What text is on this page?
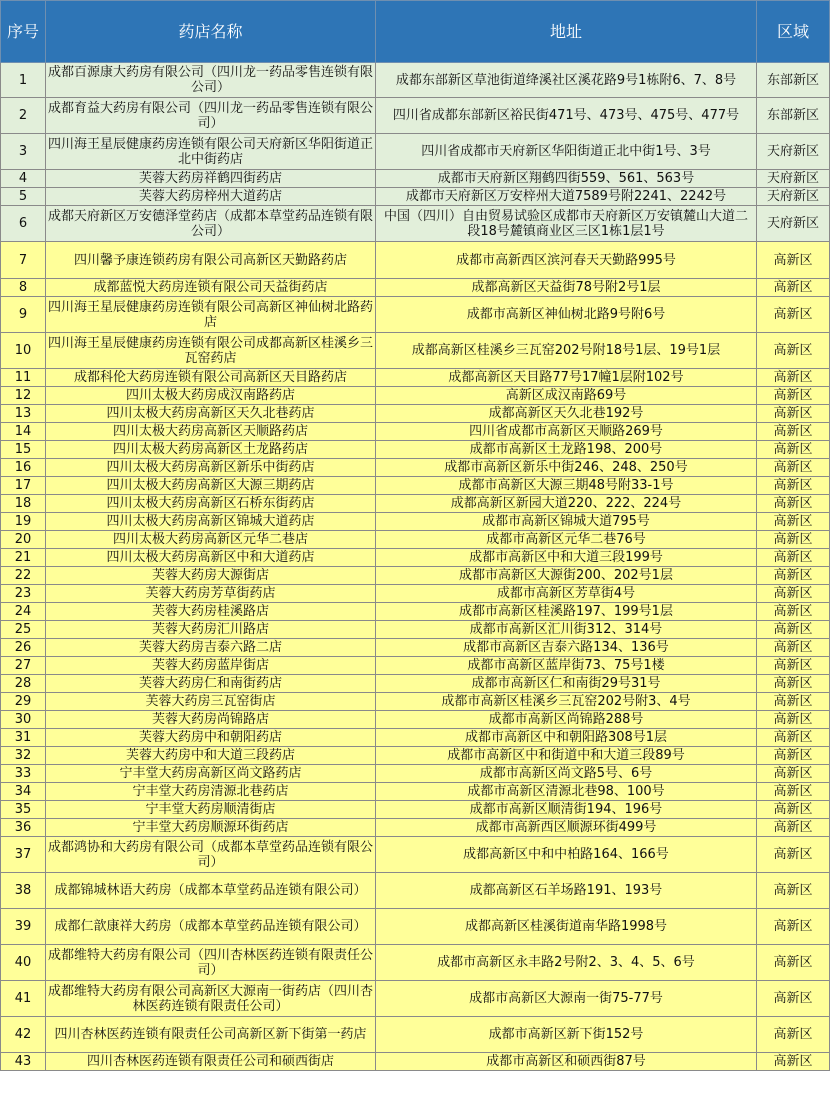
序号	药店名称	地址	区域
1	成都百源康大药房有限公司（四川龙一药品零售连锁有限公司）	成都东部新区草池街道绛溪社区溪花路9号1栋附6、7、8号	东部新区
2	成都育益大药房有限公司（四川龙一药品零售连锁有限公司）	四川省成都东部新区裕民街471号、473号、475号、477号	东部新区
3	四川海王星辰健康药房连锁有限公司天府新区华阳街道正北中街药店	四川省成都市天府新区华阳街道正北中街1号、3号	天府新区
4	芙蓉大药房祥鹤四街药店	成都市天府新区翔鹤四街559、561、563号	天府新区
5	芙蓉大药房梓州大道药店	成都市天府新区万安梓州大道7589号附2241、2242号	天府新区
6	成都天府新区万安德泽堂药店（成都本草堂药品连锁有限公司）	中国（四川）自由贸易试验区成都市天府新区万安镇麓山大道二段18号麓镇商业区三区1栋1层1号	天府新区
7	四川馨予康连锁药房有限公司高新区天勤路药店	成都市高新西区滨河春天天勤路995号	高新区
8	成都蓝悦大药房连锁有限公司天益街药店	成都高新区天益街78号附2号1层	高新区
9	四川海王星辰健康药房连锁有限公司高新区神仙树北路药店	成都市高新区神仙树北路9号附6号	高新区
10	四川海王星辰健康药房连锁有限公司成都高新区桂溪乡三瓦窑药店	成都高新区桂溪乡三瓦窑202号附18号1层、19号1层	高新区
11	成都科伦大药房连锁有限公司高新区天目路药店	成都高新区天目路77号17幢1层附102号	高新区
12	四川太极大药房成汉南路药店	高新区成汉南路69号	高新区
13	四川太极大药房高新区天久北巷药店	成都高新区天久北巷192号	高新区
14	四川太极大药房高新区天顺路药店	四川省成都市高新区天顺路269号	高新区
15	四川太极大药房高新区土龙路药店	成都市高新区土龙路198、200号	高新区
16	四川太极大药房高新区新乐中街药店	成都市高新区新乐中街246、248、250号	高新区
17	四川太极大药房高新区大源三期药店	成都市高新区大源三期48号附33-1号	高新区
18	四川太极大药房高新区石桥东街药店	成都高新区新园大道220、222、224号	高新区
19	四川太极大药房高新区锦城大道药店	成都市高新区锦城大道795号	高新区
20	四川太极大药房高新区元华二巷店	成都市高新区元华二巷76号	高新区
21	四川太极大药房高新区中和大道药店	成都市高新区中和大道三段199号	高新区
22	芙蓉大药房大源街店	成都市高新区大源街200、202号1层	高新区
23	芙蓉大药房芳草街药店	成都市高新区芳草街4号	高新区
24	芙蓉大药房桂溪路店	成都市高新区桂溪路197、199号1层	高新区
25	芙蓉大药房汇川路店	成都市高新区汇川街312、314号	高新区
26	芙蓉大药房吉泰六路二店	成都市高新区吉泰六路134、136号	高新区
27	芙蓉大药房蓝岸街店	成都市高新区蓝岸街73、75号1楼	高新区
28	芙蓉大药房仁和南街药店	成都市高新区仁和南街29号31号	高新区
29	芙蓉大药房三瓦窑街店	成都市高新区桂溪乡三瓦窑202号附3、4号	高新区
30	芙蓉大药房尚锦路店	成都市高新区尚锦路288号	高新区
31	芙蓉大药房中和朝阳药店	成都市高新区中和朝阳路308号1层	高新区
32	芙蓉大药房中和大道三段药店	成都市高新区中和街道中和大道三段89号	高新区
33	宁丰堂大药房高新区尚文路药店	成都市高新区尚文路5号、6号	高新区
34	宁丰堂大药房清源北巷药店	成都市高新区清源北巷98、100号	高新区
35	宁丰堂大药房顺清街店	成都市高新区顺清街194、196号	高新区
36	宁丰堂大药房顺源环街药店	成都市高新西区顺源环街499号	高新区
37	成都鸿协和大药房有限公司（成都本草堂药品连锁有限公司）	成都高新区中和中柏路164、166号	高新区
38	成都锦城林语大药房（成都本草堂药品连锁有限公司）	成都高新区石羊场路191、193号	高新区
39	成都仁歆康祥大药房（成都本草堂药品连锁有限公司）	成都高新区桂溪街道南华路1998号	高新区
40	成都维特大药房有限公司（四川杏林医药连锁有限责任公司）	成都市高新区永丰路2号附2、3、4、5、6号	高新区
41	成都维特大药房有限公司高新区大源南一街药店（四川杏林医药连锁有限责任公司）	成都市高新区大源南一街75-77号	高新区
42	四川杏林医药连锁有限责任公司高新区新下街第一药店	成都市高新区新下街152号	高新区
43	四川杏林医药连锁有限责任公司和硕西街店	成都市高新区和硕西街87号	高新区
